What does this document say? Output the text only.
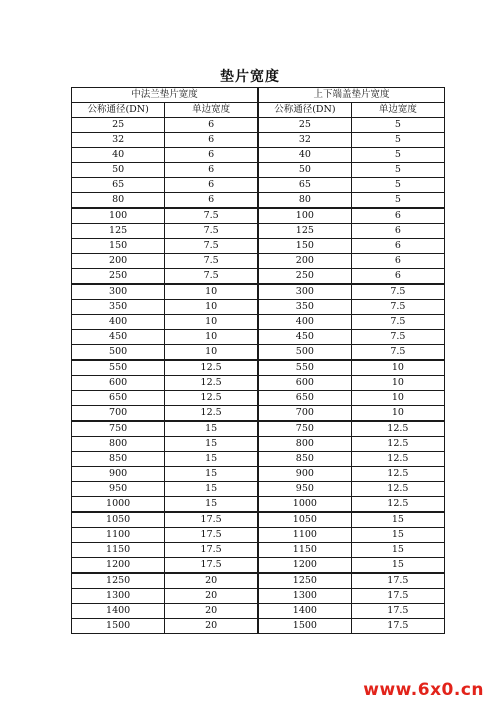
垫片宽度
中法兰垫片宽度		上下端盖垫片宽度	
公称通径(DN)	单边宽度	公称通径(DN)	单边宽度
25	6	25	5
32	6	32	5
40	6	40	5
50	6	50	5
65	6	65	5
80	6	80	5
100	7.5	100	6
125	7.5	125	6
150	7.5	150	6
200	7.5	200	6
250	7.5	250	6
300	10	300	7.5
350	10	350	7.5
400	10	400	7.5
450	10	450	7.5
500	10	500	7.5
550	12.5	550	10
600	12.5	600	10
650	12.5	650	10
700	12.5	700	10
750	15	750	12.5
800	15	800	12.5
850	15	850	12.5
900	15	900	12.5
950	15	950	12.5
1000	15	1000	12.5
1050	17.5	1050	15
1100	17.5	1100	15
1150	17.5	1150	15
1200	17.5	1200	15
1250	20	1250	17.5
1300	20	1300	17.5
1400	20	1400	17.5
1500	20	1500	17.5
www.6x0.cn
